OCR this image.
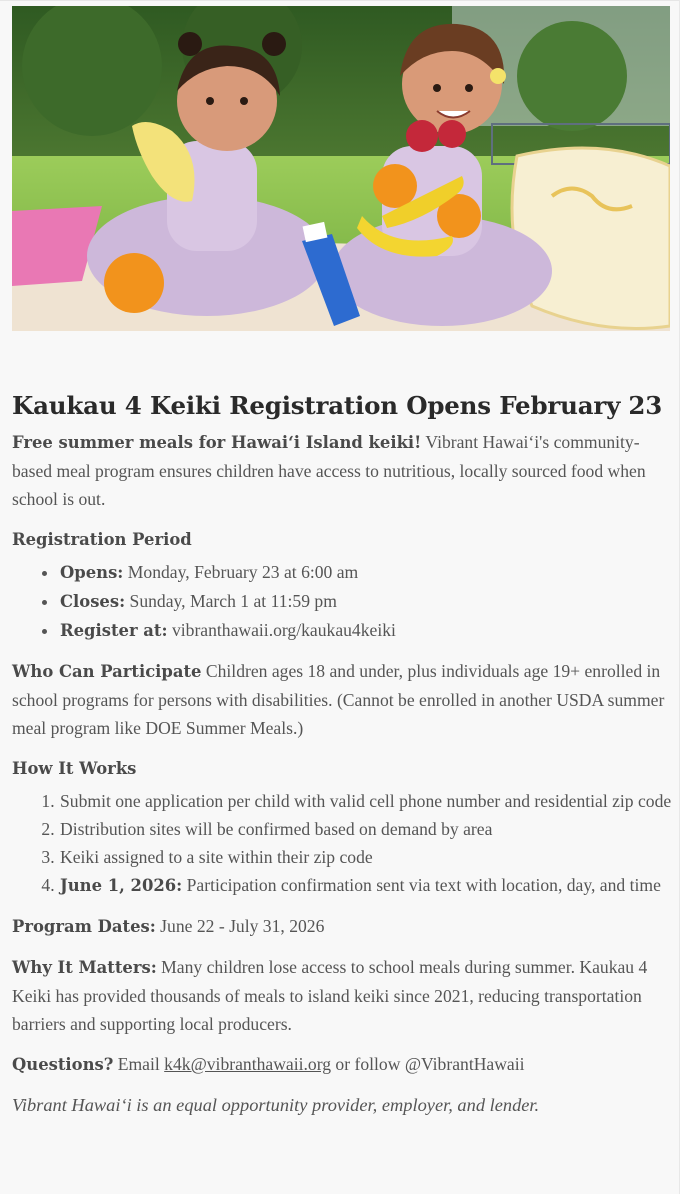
Kaukau 4 Keiki Registration Opens February 23

Free summer meals for Hawaiʻi Island keiki! Vibrant Hawaiʻi's community-based meal program ensures children have access to nutritious, locally sourced food when school is out.

Registration Period

• Opens: Monday, February 23 at 6:00 am
• Closes: Sunday, March 1 at 11:59 pm
• Register at: vibranthawaii.org/kaukau4keiki

Who Can Participate Children ages 18 and under, plus individuals age 19+ enrolled in school programs for persons with disabilities. (Cannot be enrolled in another USDA summer meal program like DOE Summer Meals.)

How It Works

1. Submit one application per child with valid cell phone number and residential zip code
2. Distribution sites will be confirmed based on demand by area
3. Keiki assigned to a site within their zip code
4. June 1, 2026: Participation confirmation sent via text with location, day, and time

Program Dates: June 22 - July 31, 2026

Why It Matters: Many children lose access to school meals during summer. Kaukau 4 Keiki has provided thousands of meals to island keiki since 2021, reducing transportation barriers and supporting local producers.

Questions? Email k4k@vibranthawaii.org or follow @VibrantHawaii

Vibrant Hawaiʻi is an equal opportunity provider, employer, and lender.
